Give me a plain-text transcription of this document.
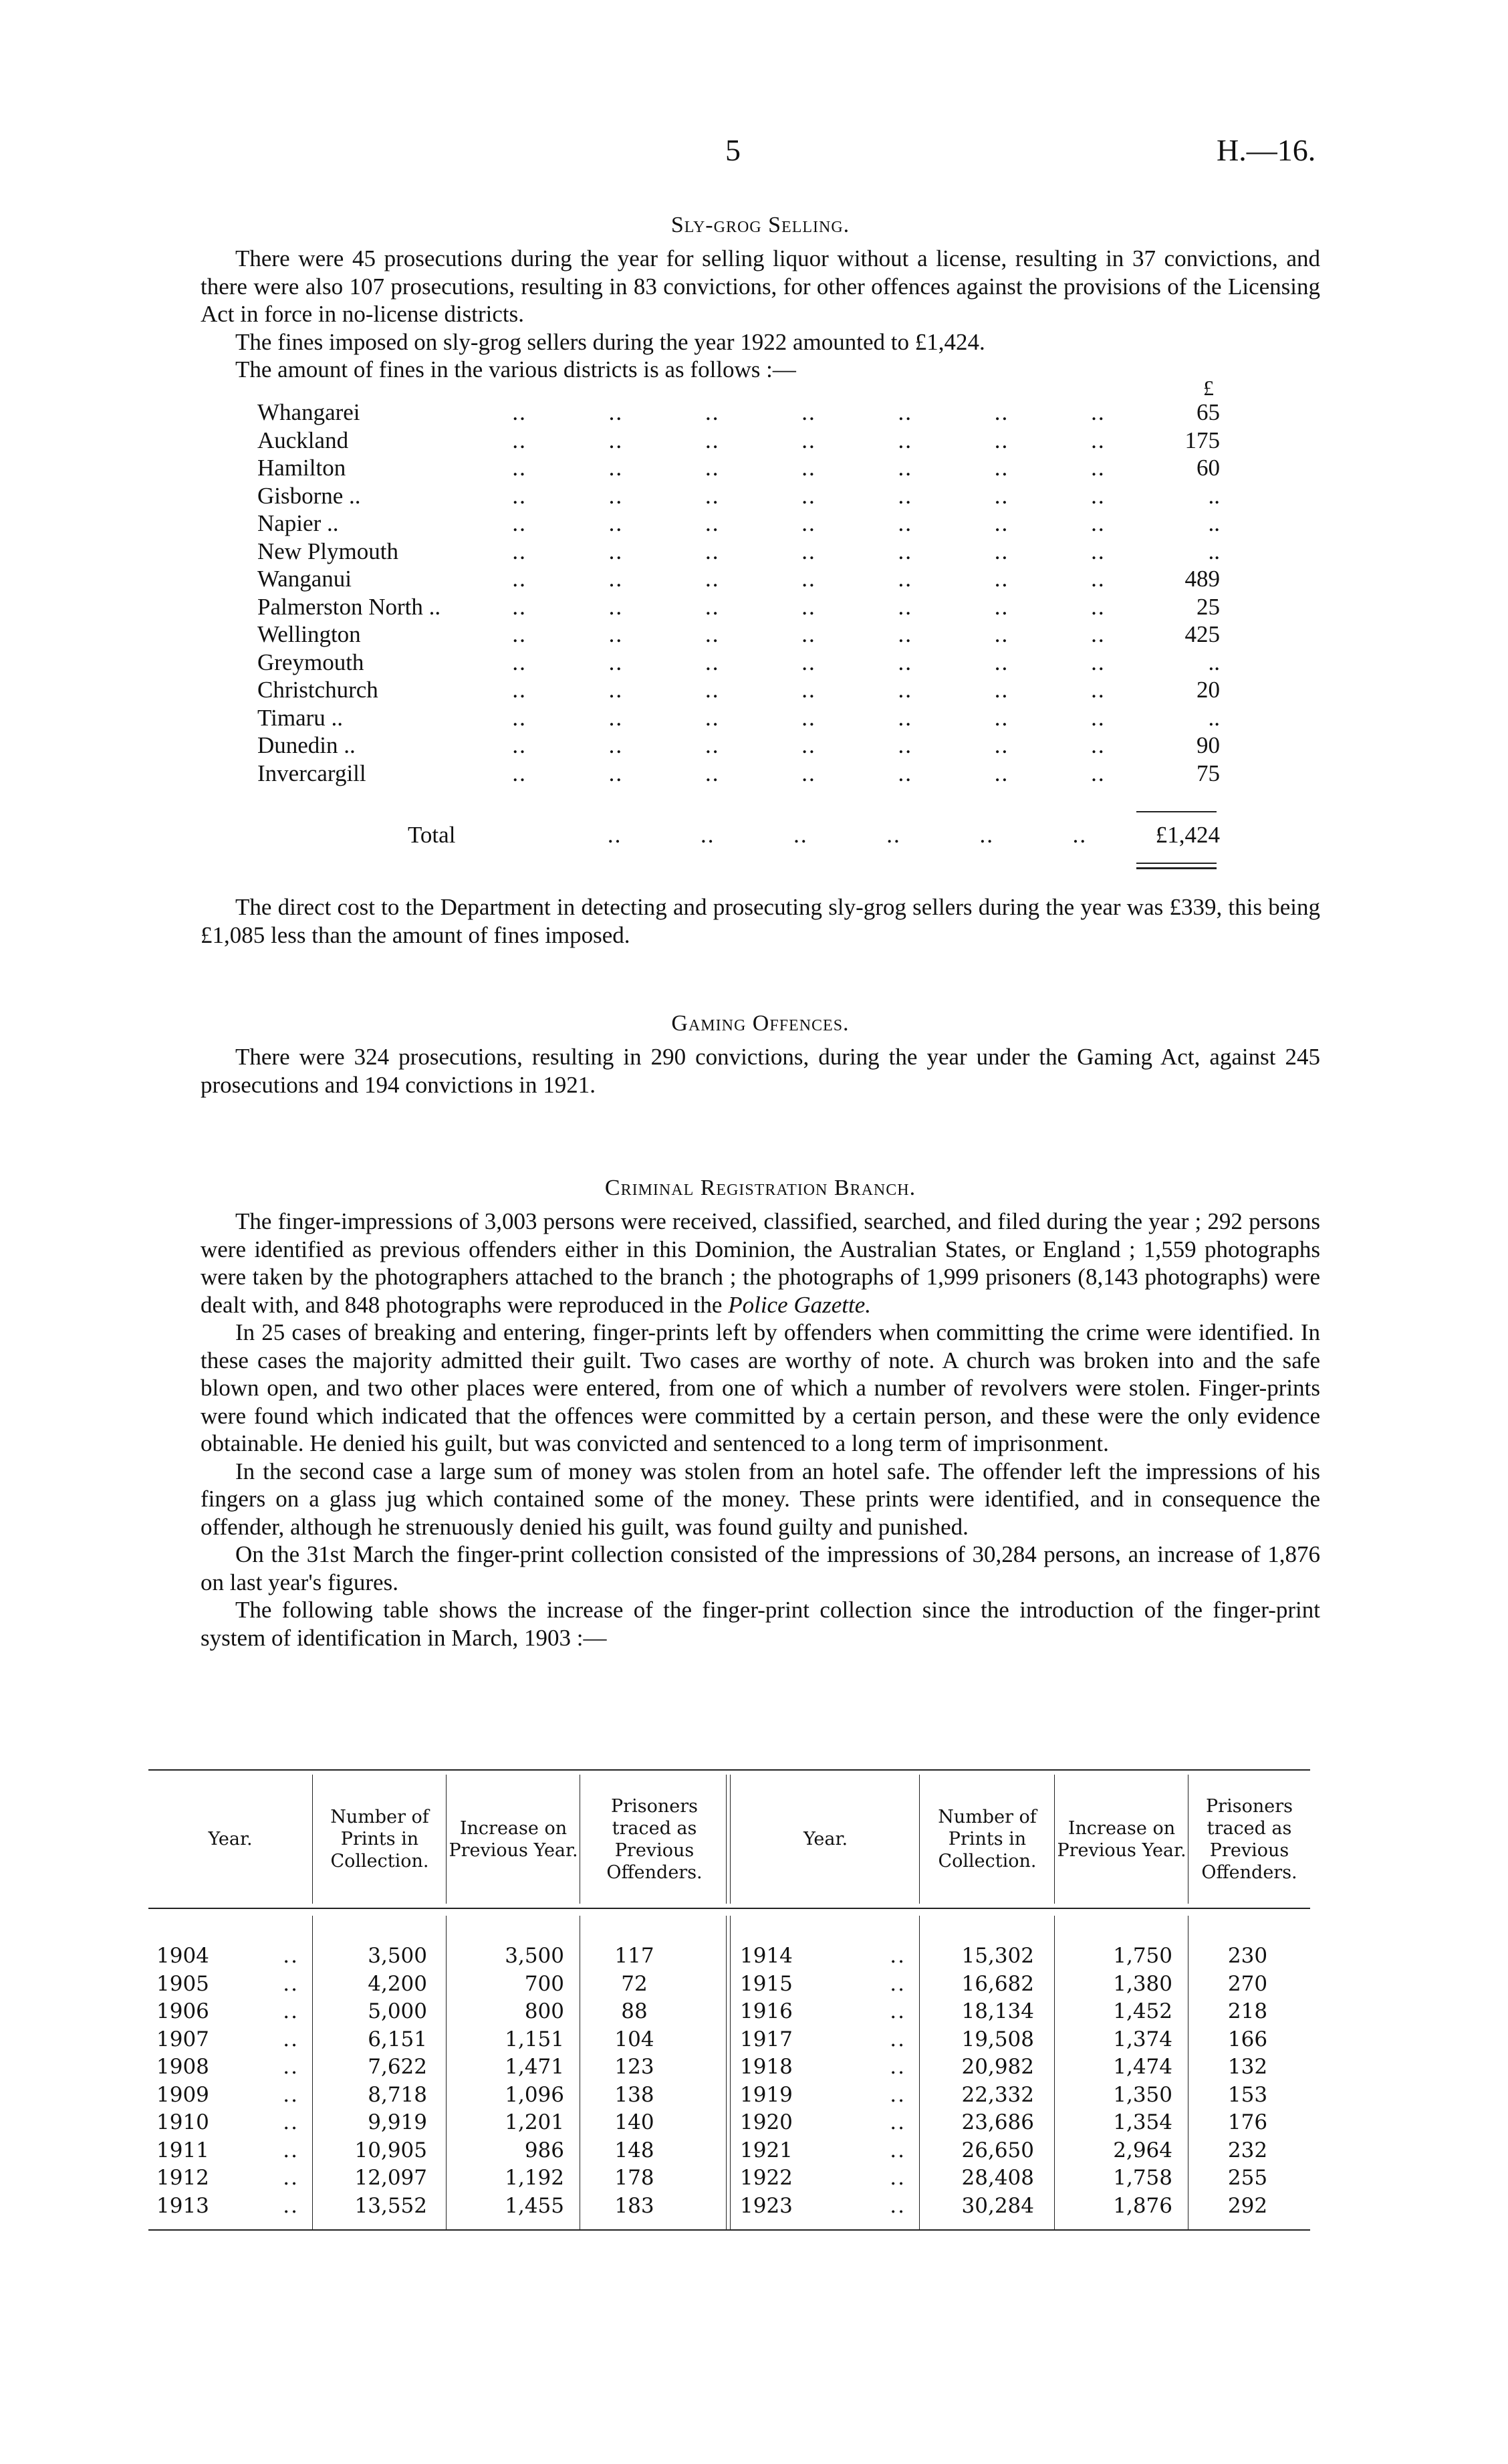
5	H.—16.
Sly-grog Selling.

There were 45 prosecutions during the year for selling liquor without a license, resulting in 37 convictions, and there were also 107 prosecutions, resulting in 83 convictions, for other offences against the provisions of the Licensing Act in force in no-license districts.

The fines imposed on sly-grog sellers during the year 1922 amounted to £1,424.

The amount of fines in the various districts is as follows :—

£
Whangarei	..	..	..	..	..	..	..	65
Auckland	..	..	..	..	..	..	..	175
Hamilton	..	..	..	..	..	..	..	60
Gisborne ..	..	..	..	..	..	..	..	..
Napier ..	..	..	..	..	..	..	..	..
New Plymouth	..	..	..	..	..	..	..	..
Wanganui	..	..	..	..	..	..	..	489
Palmerston North ..	..	..	..	..	..	..	..	25
Wellington	..	..	..	..	..	..	..	425
Greymouth	..	..	..	..	..	..	..	..
Christchurch	..	..	..	..	..	..	..	20
Timaru ..	..	..	..	..	..	..	..	..
Dunedin ..	..	..	..	..	..	..	..	90
Invercargill	..	..	..	..	..	..	..	75
Total	..	..	..	..	..	..	£1,424

The direct cost to the Department in detecting and prosecuting sly-grog sellers during the year was £339, this being £1,085 less than the amount of fines imposed.

Gaming Offences.

There were 324 prosecutions, resulting in 290 convictions, during the year under the Gaming Act, against 245 prosecutions and 194 convictions in 1921.

Criminal Registration Branch.

The finger-impressions of 3,003 persons were received, classified, searched, and filed during the year ; 292 persons were identified as previous offenders either in this Dominion, the Australian States, or England ; 1,559 photographs were taken by the photographers attached to the branch ; the photographs of 1,999 prisoners (8,143 photographs) were dealt with, and 848 photographs were reproduced in the Police Gazette.

In 25 cases of breaking and entering, finger-prints left by offenders when committing the crime were identified. In these cases the majority admitted their guilt. Two cases are worthy of note. A church was broken into and the safe blown open, and two other places were entered, from one of which a number of revolvers were stolen. Finger-prints were found which indicated that the offences were committed by a certain person, and these were the only evidence obtainable. He denied his guilt, but was convicted and sentenced to a long term of imprisonment.

In the second case a large sum of money was stolen from an hotel safe. The offender left the impressions of his fingers on a glass jug which contained some of the money. These prints were identified, and in consequence the offender, although he strenuously denied his guilt, was found guilty and punished.

On the 31st March the finger-print collection consisted of the impressions of 30,284 persons, an increase of 1,876 on last year's figures.

The following table shows the increase of the finger-print collection since the introduction of the finger-print system of identification in March, 1903 :—

Year.
Number of Prints in Collection.
Increase on Previous Year.
Prisoners traced as Previous Offenders.
Year.
Number of Prints in Collection.
Increase on Previous Year.
Prisoners traced as Previous Offenders.
1904	..	3,500	3,500	117
1905	..	4,200	700	72
1906	..	5,000	800	88
1907	..	6,151	1,151	104
1908	..	7,622	1,471	123
1909	..	8,718	1,096	138
1910	..	9,919	1,201	140
1911	..	10,905	986	148
1912	..	12,097	1,192	178
1913	..	13,552	1,455	183
1914	..	15,302	1,750	230
1915	..	16,682	1,380	270
1916	..	18,134	1,452	218
1917	..	19,508	1,374	166
1918	..	20,982	1,474	132
1919	..	22,332	1,350	153
1920	..	23,686	1,354	176
1921	..	26,650	2,964	232
1922	..	28,408	1,758	255
1923	..	30,284	1,876	292
